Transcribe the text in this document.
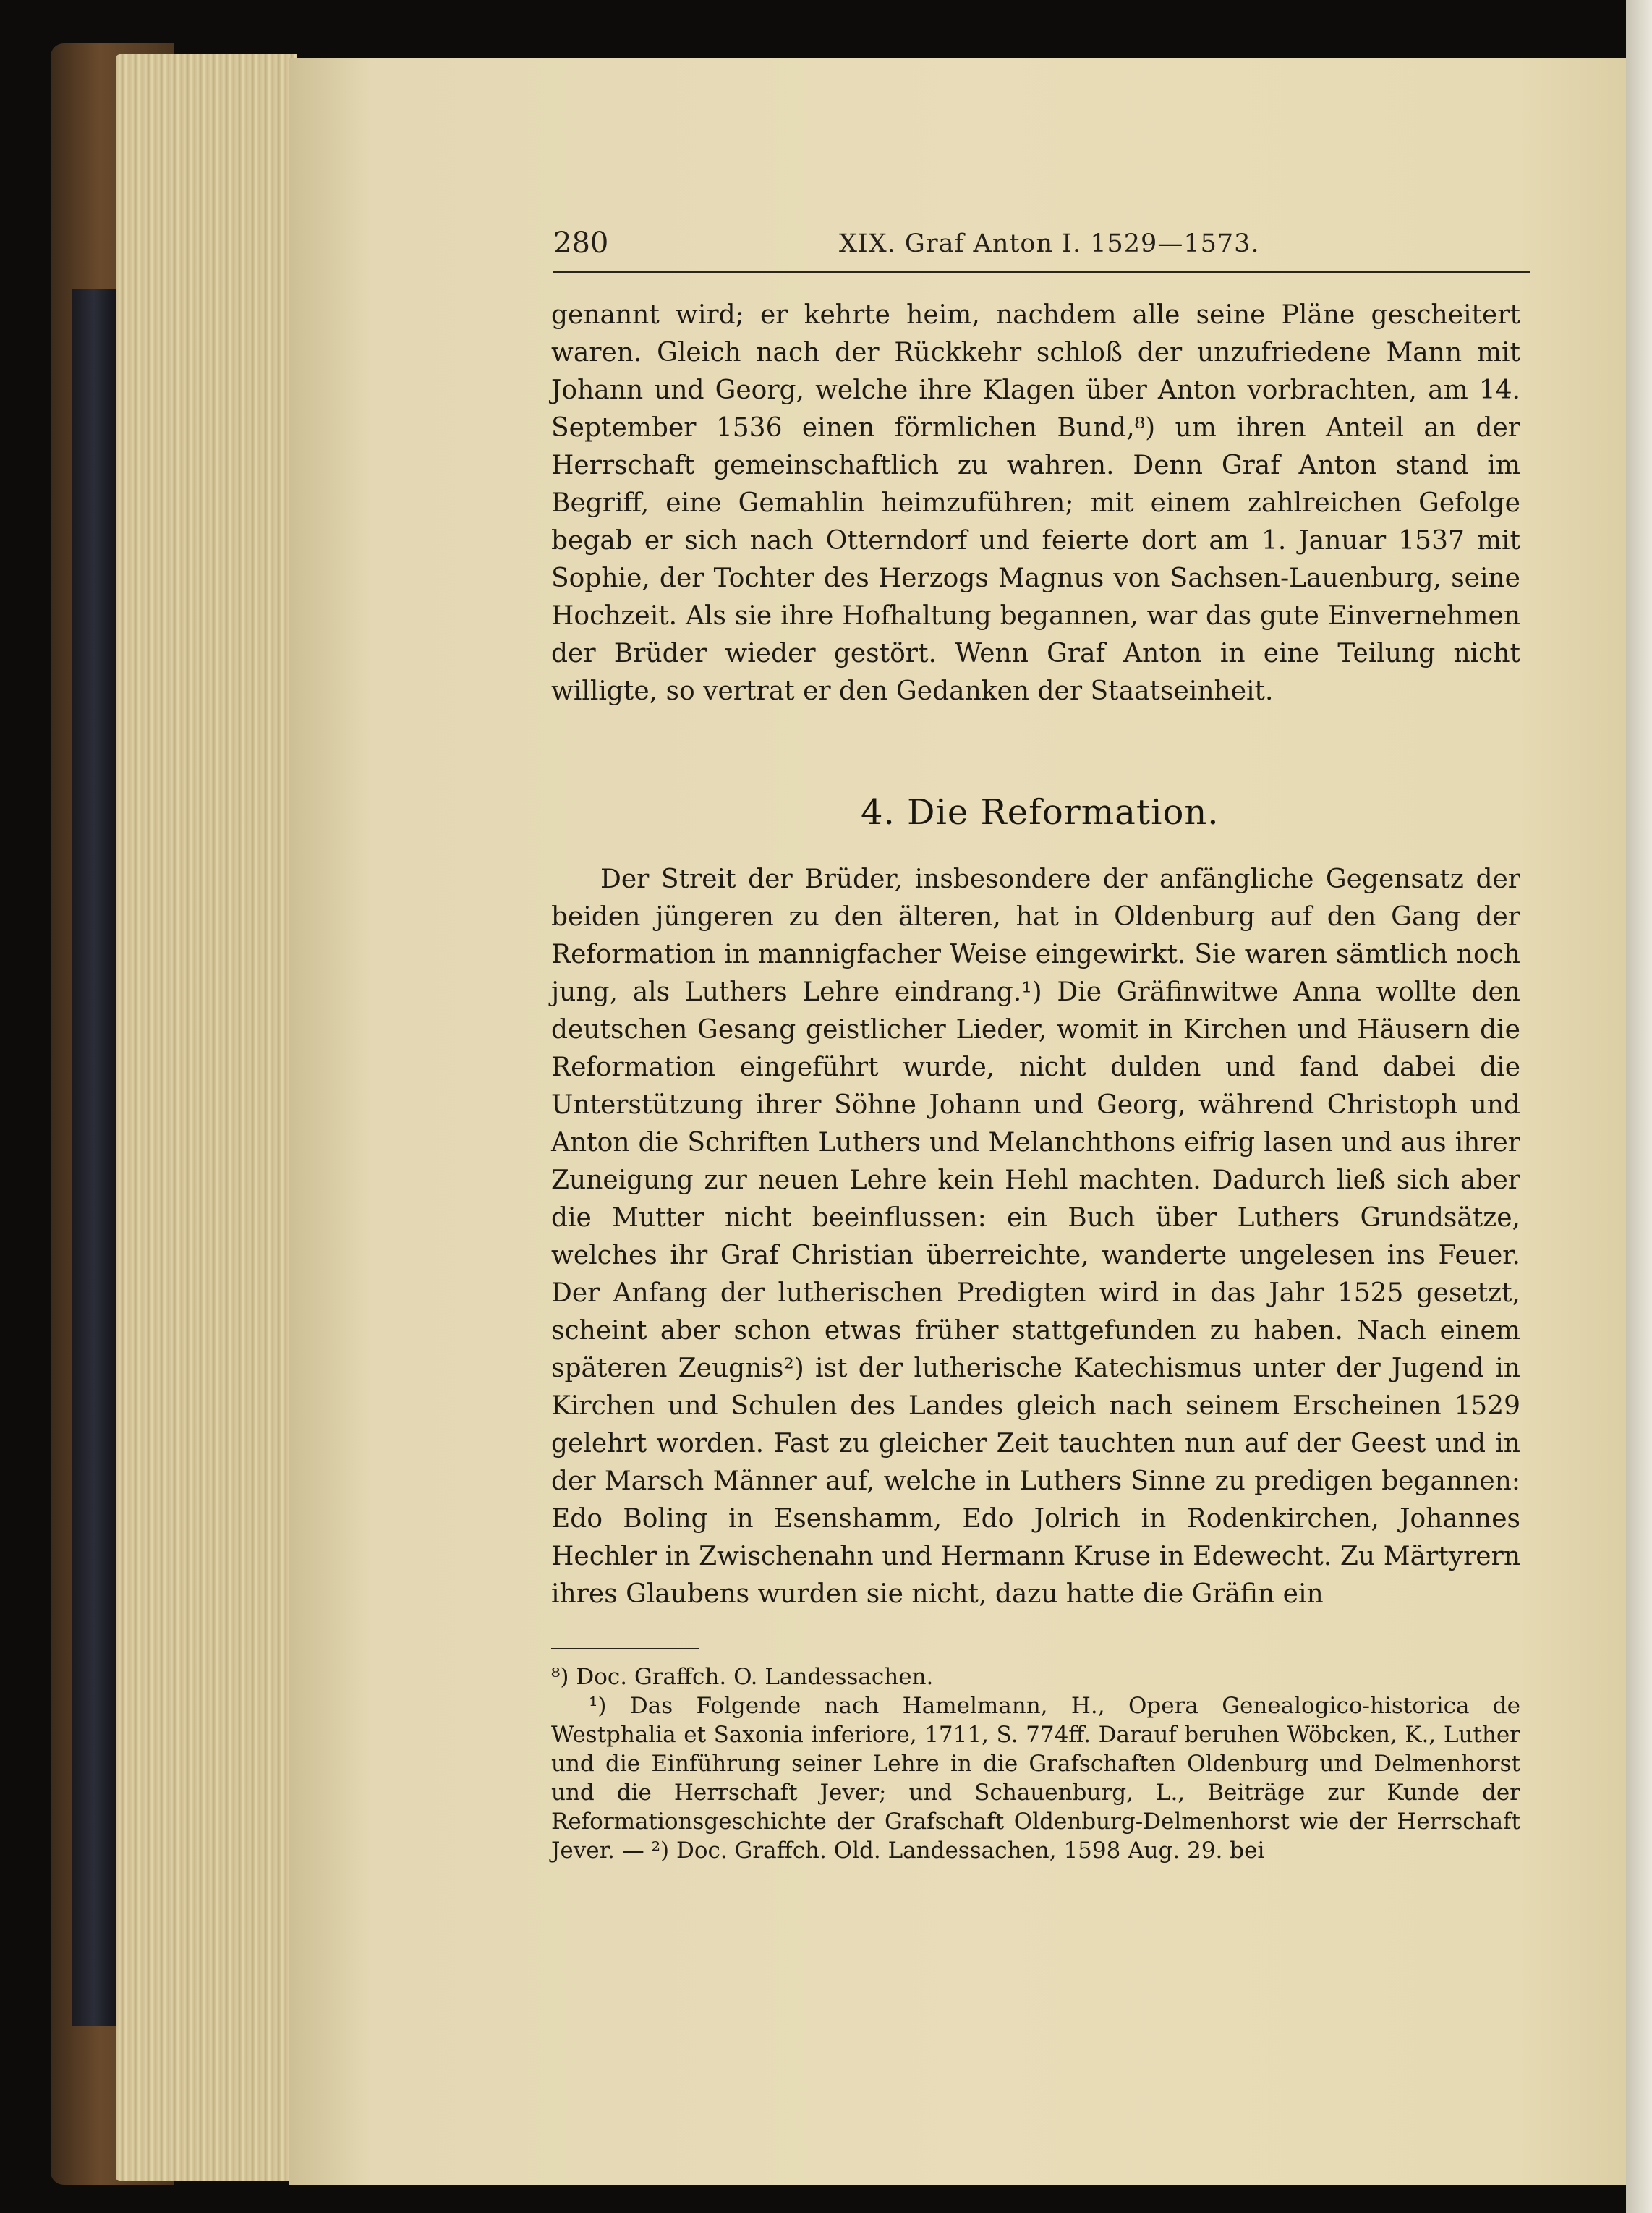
280	XIX. Graf Anton I. 1529—1573.

genannt wird; er kehrte heim, nachdem alle seine Pläne gescheitert waren. Gleich nach der Rückkehr schloß der unzufriedene Mann mit Johann und Georg, welche ihre Klagen über Anton vorbrachten, am 14. September 1536 einen förmlichen Bund,⁸) um ihren Anteil an der Herrschaft gemeinschaftlich zu wahren. Denn Graf Anton stand im Begriff, eine Gemahlin heimzuführen; mit einem zahlreichen Gefolge begab er sich nach Otterndorf und feierte dort am 1. Januar 1537 mit Sophie, der Tochter des Herzogs Magnus von Sachsen-Lauenburg, seine Hochzeit. Als sie ihre Hofhaltung begannen, war das gute Einvernehmen der Brüder wieder gestört. Wenn Graf Anton in eine Teilung nicht willigte, so vertrat er den Gedanken der Staatseinheit.

4. Die Reformation.

Der Streit der Brüder, insbesondere der anfängliche Gegensatz der beiden jüngeren zu den älteren, hat in Oldenburg auf den Gang der Reformation in mannigfacher Weise eingewirkt. Sie waren sämtlich noch jung, als Luthers Lehre eindrang.¹) Die Gräfinwitwe Anna wollte den deutschen Gesang geistlicher Lieder, womit in Kirchen und Häusern die Reformation eingeführt wurde, nicht dulden und fand dabei die Unterstützung ihrer Söhne Johann und Georg, während Christoph und Anton die Schriften Luthers und Melanchthons eifrig lasen und aus ihrer Zuneigung zur neuen Lehre kein Hehl machten. Dadurch ließ sich aber die Mutter nicht beeinflussen: ein Buch über Luthers Grundsätze, welches ihr Graf Christian überreichte, wanderte ungelesen ins Feuer. Der Anfang der lutherischen Predigten wird in das Jahr 1525 gesetzt, scheint aber schon etwas früher stattgefunden zu haben. Nach einem späteren Zeugnis²) ist der lutherische Katechismus unter der Jugend in Kirchen und Schulen des Landes gleich nach seinem Erscheinen 1529 gelehrt worden. Fast zu gleicher Zeit tauchten nun auf der Geest und in der Marsch Männer auf, welche in Luthers Sinne zu predigen begannen: Edo Boling in Esenshamm, Edo Jolrich in Rodenkirchen, Johannes Hechler in Zwischenahn und Hermann Kruse in Edewecht. Zu Märtyrern ihres Glaubens wurden sie nicht, dazu hatte die Gräfin ein

⁸) Doc. Graffch. O. Landessachen.

¹) Das Folgende nach Hamelmann, H., Opera Genealogico-historica de Westphalia et Saxonia inferiore, 1711, S. 774ff. Darauf beruhen Wöbcken, K., Luther und die Einführung seiner Lehre in die Grafschaften Oldenburg und Delmenhorst und die Herrschaft Jever; und Schauenburg, L., Beiträge zur Kunde der Reformationsgeschichte der Grafschaft Oldenburg-Delmenhorst wie der Herrschaft Jever. — ²) Doc. Graffch. Old. Landessachen, 1598 Aug. 29. bei
